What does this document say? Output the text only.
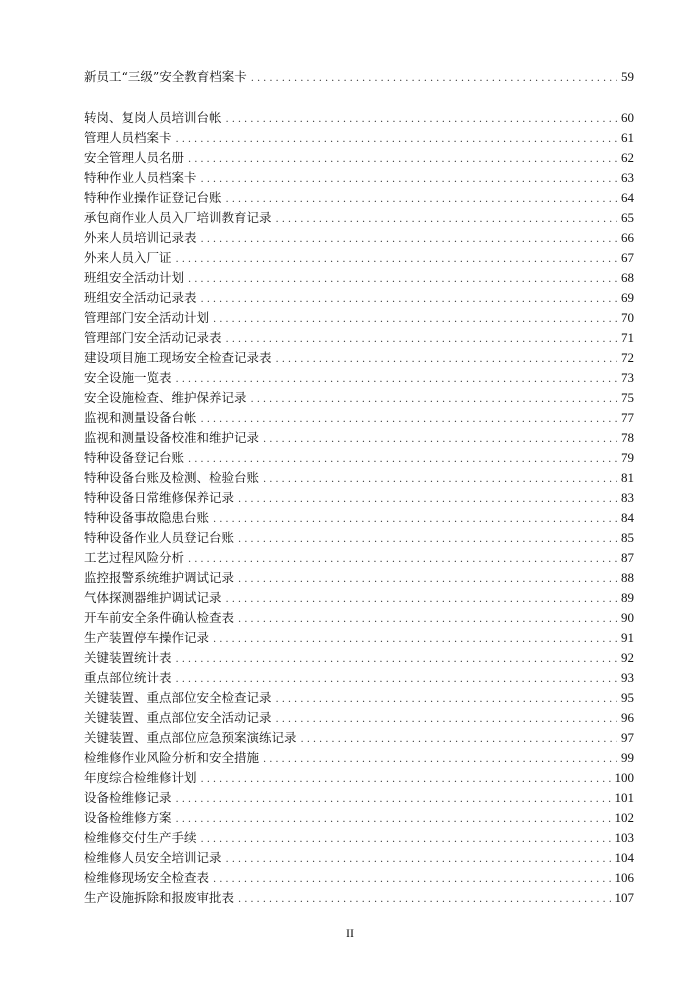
新员工“三级”安全教育档案卡 .....	59
转岗、复岗人员培训台帐 .....	60
管理人员档案卡 .....	61
安全管理人员名册 .....	62
特种作业人员档案卡 .....	63
特种作业操作证登记台账 .....	64
承包商作业人员入厂培训教育记录 .....	65
外来人员培训记录表 .....	66
外来人员入厂证 .....	67
班组安全活动计划 .....	68
班组安全活动记录表 .....	69
管理部门安全活动计划 .....	70
管理部门安全活动记录表 .....	71
建设项目施工现场安全检查记录表 .....	72
安全设施一览表 .....	73
安全设施检查、维护保养记录 .....	75
监视和测量设备台帐 .....	77
监视和测量设备校准和维护记录 .....	78
特种设备登记台账 .....	79
特种设备台账及检测、检验台账 .....	81
特种设备日常维修保养记录 .....	83
特种设备事故隐患台账 .....	84
特种设备作业人员登记台账 .....	85
工艺过程风险分析 .....	87
监控报警系统维护调试记录 .....	88
气体探测器维护调试记录 .....	89
开车前安全条件确认检查表 .....	90
生产装置停车操作记录 .....	91
关键装置统计表 .....	92
重点部位统计表 .....	93
关键装置、重点部位安全检查记录 .....	95
关键装置、重点部位安全活动记录 .....	96
关键装置、重点部位应急预案演练记录 .....	97
检维修作业风险分析和安全措施 .....	99
年度综合检维修计划 .....	100
设备检维修记录 .....	101
设备检维修方案 .....	102
检维修交付生产手续 .....	103
检维修人员安全培训记录 .....	104
检维修现场安全检查表 .....	106
生产设施拆除和报废审批表 .....	107
II
